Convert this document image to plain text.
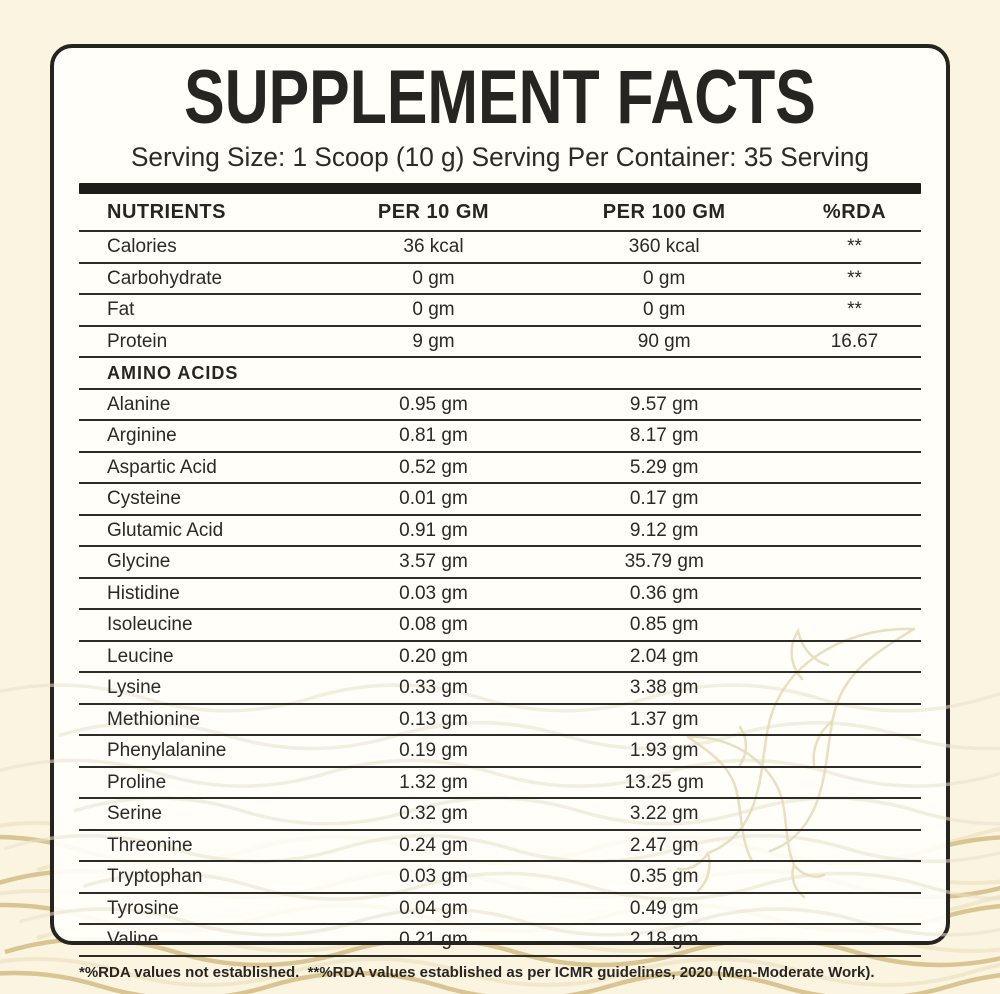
SUPPLEMENT FACTS
Serving Size: 1 Scoop (10 g) Serving Per Container: 35 Serving
NUTRIENTS	PER 10 GM	PER 100 GM	%RDA
Calories	36 kcal	360 kcal	**
Carbohydrate	0 gm	0 gm	**
Fat	0 gm	0 gm	**
Protein	9 gm	90 gm	16.67
AMINO ACIDS			
Alanine	0.95 gm	9.57 gm	
Arginine	0.81 gm	8.17 gm	
Aspartic Acid	0.52 gm	5.29 gm	
Cysteine	0.01 gm	0.17 gm	
Glutamic Acid	0.91 gm	9.12 gm	
Glycine	3.57 gm	35.79 gm	
Histidine	0.03 gm	0.36 gm	
Isoleucine	0.08 gm	0.85 gm	
Leucine	0.20 gm	2.04 gm	
Lysine	0.33 gm	3.38 gm	
Methionine	0.13 gm	1.37 gm	
Phenylalanine	0.19 gm	1.93 gm	
Proline	1.32 gm	13.25 gm	
Serine	0.32 gm	3.22 gm	
Threonine	0.24 gm	2.47 gm	
Tryptophan	0.03 gm	0.35 gm	
Tyrosine	0.04 gm	0.49 gm	
Valine	0.21 gm	2.18 gm	
*%RDA values not established.  **%RDA values established as per ICMR guidelines, 2020 (Men-Moderate Work).
